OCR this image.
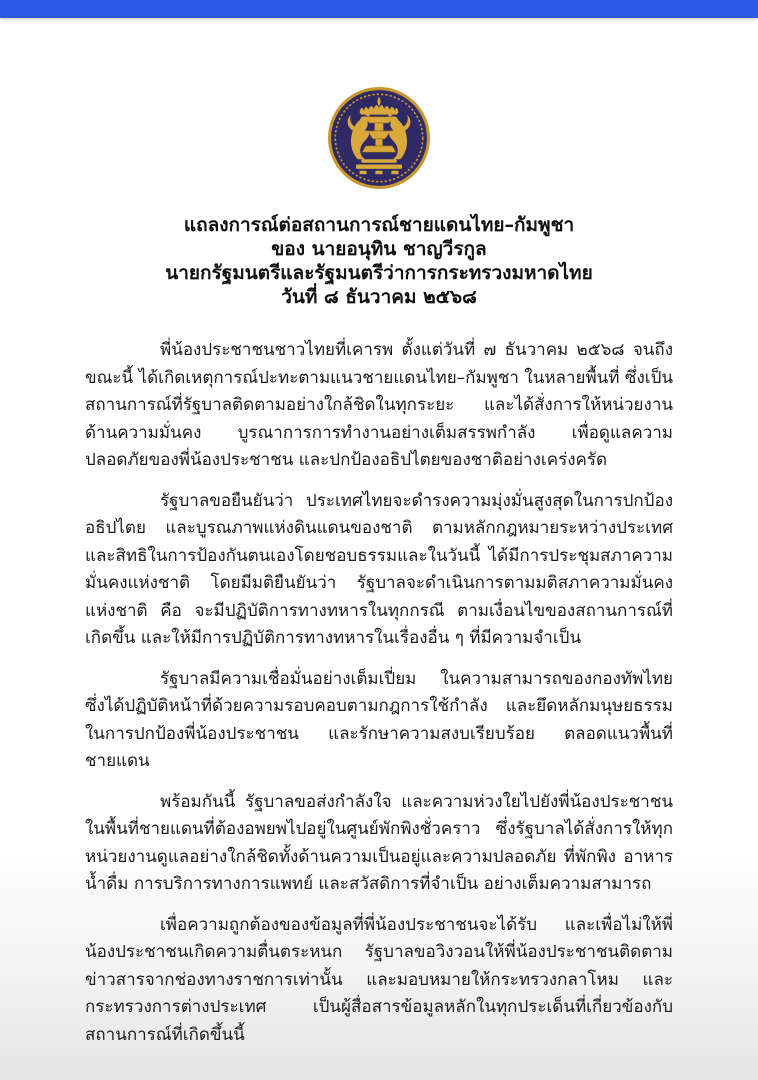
แถลงการณ์ต่อสถานการณ์ชายแดนไทย–กัมพูชา
ของ นายอนุทิน ชาญวีรกูล
นายกรัฐมนตรีและรัฐมนตรีว่าการกระทรวงมหาดไทย
วันที่ ๘ ธันวาคม ๒๕๖๘

พี่น้องประชาชนชาวไทยที่เคารพ ตั้งแต่วันที่ ๗ ธันวาคม ๒๕๖๘ จนถึงขณะนี้ ได้เกิดเหตุการณ์ปะทะตามแนวชายแดนไทย–กัมพูชา ในหลายพื้นที่ ซึ่งเป็นสถานการณ์ที่รัฐบาลติดตามอย่างใกล้ชิดในทุกระยะ และได้สั่งการให้หน่วยงานด้านความมั่นคง บูรณาการการทำงานอย่างเต็มสรรพกำลัง เพื่อดูแลความปลอดภัยของพี่น้องประชาชน และปกป้องอธิปไตยของชาติอย่างเคร่งครัด

รัฐบาลขอยืนยันว่า ประเทศไทยจะดำรงความมุ่งมั่นสูงสุดในการปกป้องอธิปไตย และบูรณภาพแห่งดินแดนของชาติ ตามหลักกฎหมายระหว่างประเทศ และสิทธิในการป้องกันตนเองโดยชอบธรรมและในวันนี้ ได้มีการประชุมสภาความมั่นคงแห่งชาติ โดยมีมติยืนยันว่า รัฐบาลจะดำเนินการตามมติสภาความมั่นคงแห่งชาติ คือ จะมีปฏิบัติการทางทหารในทุกกรณี ตามเงื่อนไขของสถานการณ์ที่เกิดขึ้น และให้มีการปฏิบัติการทางทหารในเรื่องอื่น ๆ ที่มีความจำเป็น

รัฐบาลมีความเชื่อมั่นอย่างเต็มเปี่ยม ในความสามารถของกองทัพไทย ซึ่งได้ปฏิบัติหน้าที่ด้วยความรอบคอบตามกฎการใช้กำลัง และยึดหลักมนุษยธรรมในการปกป้องพี่น้องประชาชน และรักษาความสงบเรียบร้อย ตลอดแนวพื้นที่ชายแดน

พร้อมกันนี้ รัฐบาลขอส่งกำลังใจ และความห่วงใยไปยังพี่น้องประชาชนในพื้นที่ชายแดนที่ต้องอพยพไปอยู่ในศูนย์พักพิงชั่วคราว ซึ่งรัฐบาลได้สั่งการให้ทุกหน่วยงานดูแลอย่างใกล้ชิดทั้งด้านความเป็นอยู่และความปลอดภัย ที่พักพิง อาหาร น้ำดื่ม การบริการทางการแพทย์ และสวัสดิการที่จำเป็น อย่างเต็มความสามารถ

เพื่อความถูกต้องของข้อมูลที่พี่น้องประชาชนจะได้รับ และเพื่อไม่ให้พี่น้องประชาชนเกิดความตื่นตระหนก รัฐบาลขอวิงวอนให้พี่น้องประชาชนติดตามข่าวสารจากช่องทางราชการเท่านั้น และมอบหมายให้กระทรวงกลาโหม และกระทรวงการต่างประเทศ เป็นผู้สื่อสารข้อมูลหลักในทุกประเด็นที่เกี่ยวข้องกับสถานการณ์ที่เกิดขึ้นนี้
